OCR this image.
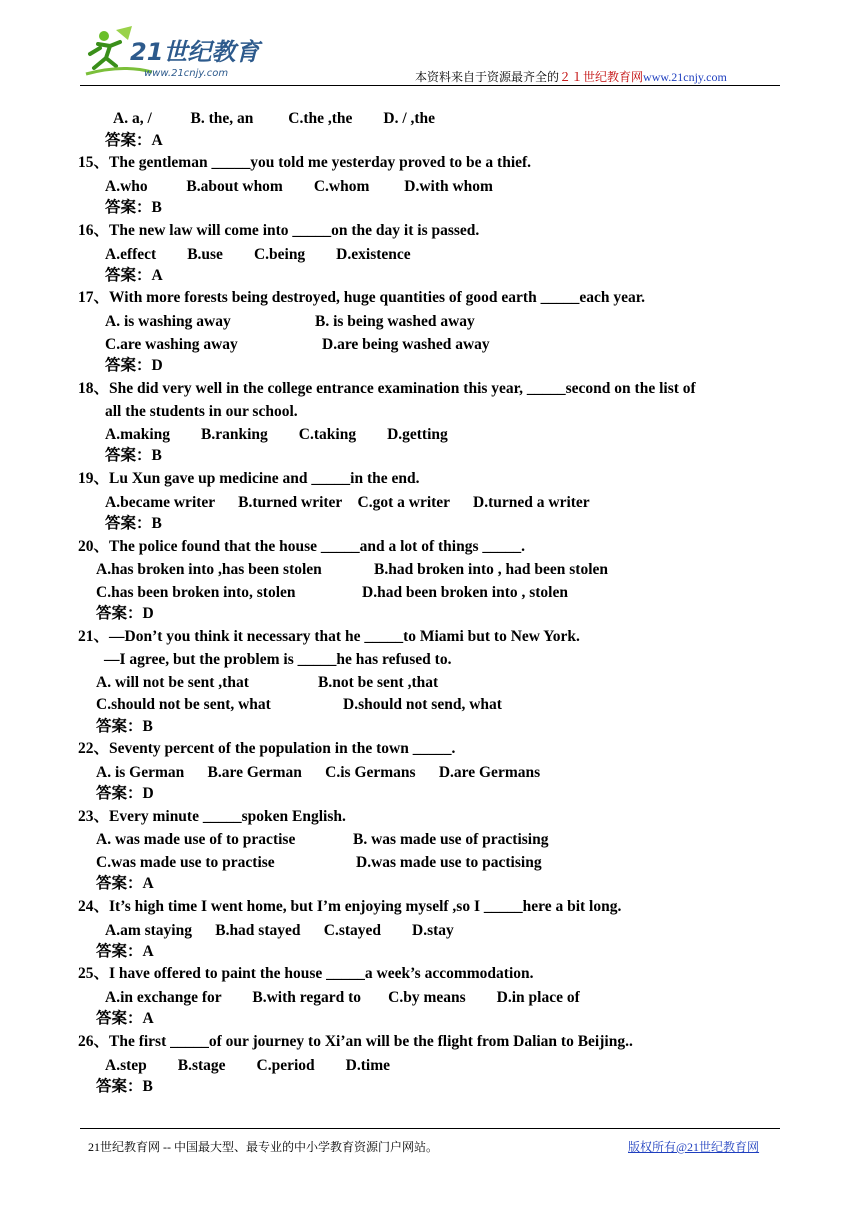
21世纪教育
www.21cnjy.com	本资料来自于资源最齐全的２１世纪教育网www.21cnjy.com
A. a, /          B. the, an         C.the ,the        D. / ,the
答案：A
15、The gentleman _____you told me yesterday proved to be a thief.
A.who          B.about whom        C.whom         D.with whom
答案：B
16、The new law will come into _____on the day it is passed.
A.effect        B.use        C.being        D.existence
答案：A
17、With more forests being destroyed, huge quantities of good earth _____each year.
A. is washing away	B. is being washed away
C.are washing away	D.are being washed away
答案：D
18、She did very well in the college entrance examination this year, _____second on the list of
all the students in our school.
A.making        B.ranking        C.taking        D.getting
答案：B
19、Lu Xun gave up medicine and _____in the end.
A.became writer      B.turned writer    C.got a writer      D.turned a writer
答案：B
20、The police found that the house _____and a lot of things _____.
A.has broken into ,has been stolen	B.had broken into , had been stolen
C.has been broken into, stolen	D.had been broken into , stolen
答案：D
21、—Don’t you think it necessary that he _____to Miami but to New York.
—I agree, but the problem is _____he has refused to.
A. will not be sent ,that	B.not be sent ,that
C.should not be sent, what	D.should not send, what
答案：B
22、Seventy percent of the population in the town _____.
A. is German      B.are German      C.is Germans      D.are Germans
答案：D
23、Every minute _____spoken English.
A. was made use of to practise	B. was made use of practising
C.was made use to practise	D.was made use to pactising
答案：A
24、It’s high time I went home, but I’m enjoying myself ,so I _____here a bit long.
A.am staying      B.had stayed      C.stayed        D.stay
答案：A
25、I have offered to paint the house _____a week’s accommodation.
A.in exchange for        B.with regard to       C.by means        D.in place of
答案：A
26、The first _____of our journey to Xi’an will be the flight from Dalian to Beijing..
A.step        B.stage        C.period        D.time
答案：B
21世纪教育网 -- 中国最大型、最专业的中小学教育资源门户网站。	版权所有@21世纪教育网
